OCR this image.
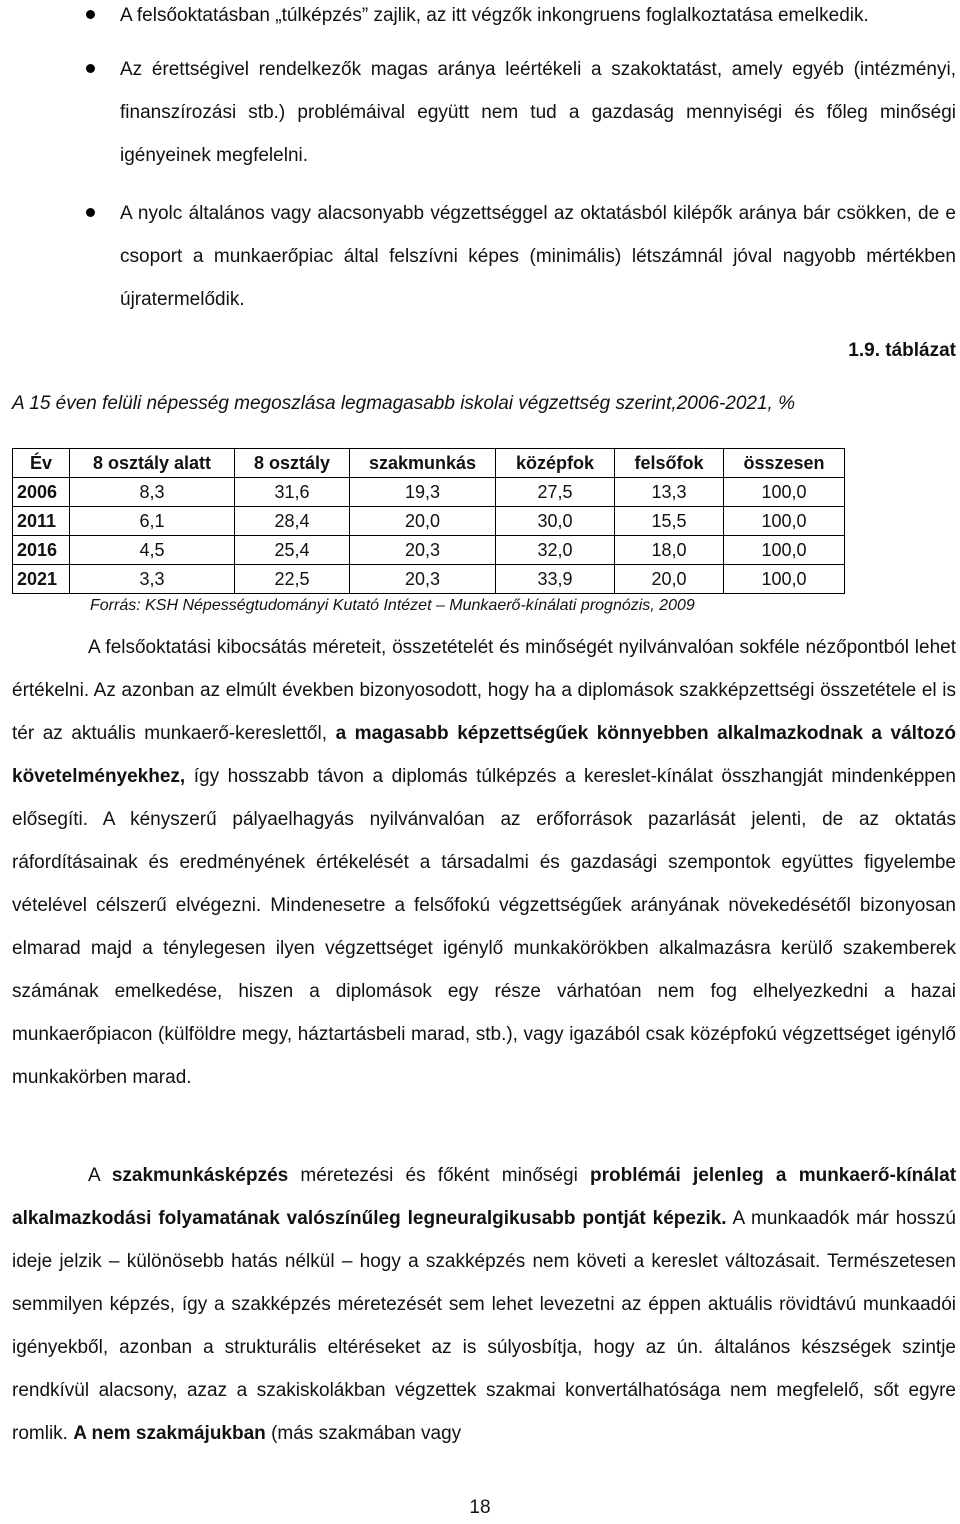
A felsőoktatásban „túlképzés” zajlik, az itt végzők inkongruens foglalkoztatása emelkedik.
Az érettségivel rendelkezők magas aránya leértékeli a szakoktatást, amely egyéb (intézményi, finanszírozási stb.) problémáival együtt nem tud a gazdaság mennyiségi és főleg minőségi igényeinek megfelelni.
A nyolc általános vagy alacsonyabb végzettséggel az oktatásból kilépők aránya bár csökken, de e csoport a munkaerőpiac által felszívni képes (minimális) létszámnál jóval nagyobb mértékben újratermelődik.
1.9. táblázat
A 15 éven felüli népesség megoszlása legmagasabb iskolai végzettség szerint,2006-2021, %
Év	8 osztály alatt	8 osztály	szakmunkás	középfok	felsőfok	összesen
2006	8,3	31,6	19,3	27,5	13,3	100,0
2011	6,1	28,4	20,0	30,0	15,5	100,0
2016	4,5	25,4	20,3	32,0	18,0	100,0
2021	3,3	22,5	20,3	33,9	20,0	100,0
Forrás: KSH Népességtudományi Kutató Intézet – Munkaerő-kínálati prognózis, 2009
A felsőoktatási kibocsátás méreteit, összetételét és minőségét nyilvánvalóan sokféle nézőpontból lehet értékelni. Az azonban az elmúlt években bizonyosodott, hogy ha a diplomások szakképzettségi összetétele el is tér az aktuális munkaerő-kereslettől, a magasabb képzettségűek könnyebben alkalmazkodnak a változó követelményekhez, így hosszabb távon a diplomás túlképzés a kereslet-kínálat összhangját mindenképpen elősegíti. A kényszerű pályaelhagyás nyilvánvalóan az erőforrások pazarlását jelenti, de az oktatás ráfordításainak és eredményének értékelését a társadalmi és gazdasági szempontok együttes figyelembe vételével célszerű elvégezni. Mindenesetre a felsőfokú végzettségűek arányának növekedésétől bizonyosan elmarad majd a ténylegesen ilyen végzettséget igénylő munkakörökben alkalmazásra kerülő szakemberek számának emelkedése, hiszen a diplomások egy része várhatóan nem fog elhelyezkedni a hazai munkaerőpiacon (külföldre megy, háztartásbeli marad, stb.), vagy igazából csak középfokú végzettséget igénylő munkakörben marad.
A szakmunkásképzés méretezési és főként minőségi problémái jelenleg a munkaerő-kínálat alkalmazkodási folyamatának valószínűleg legneuralgikusabb pontját képezik. A munkaadók már hosszú ideje jelzik – különösebb hatás nélkül – hogy a szakképzés nem követi a kereslet változásait. Természetesen semmilyen képzés, így a szakképzés méretezését sem lehet levezetni az éppen aktuális rövidtávú munkaadói igényekből, azonban a strukturális eltéréseket az is súlyosbítja, hogy az ún. általános készségek szintje rendkívül alacsony, azaz a szakiskolákban végzettek szakmai konvertálhatósága nem megfelelő, sőt egyre romlik. A nem szakmájukban (más szakmában vagy
18
